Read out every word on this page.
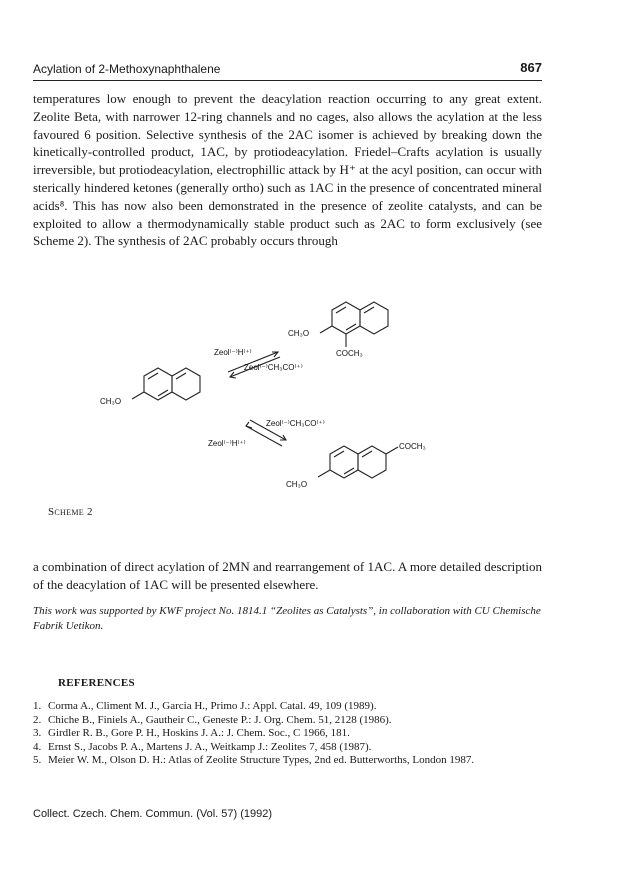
Acylation of 2-Methoxynaphthalene	867

temperatures low enough to prevent the deacylation reaction occurring to any great extent. Zeolite Beta, with narrower 12-ring channels and no cages, also allows the acylation at the less favoured 6 position. Selective synthesis of the 2AC isomer is achieved by breaking down the kinetically-controlled product, 1AC, by protiodeacylation. Friedel–Crafts acylation is usually irreversible, but protiodeacylation, electrophillic attack by H⁺ at the acyl position, can occur with sterically hindered ketones (generally ortho) such as 1AC in the presence of concentrated mineral acids⁸. This has now also been demonstrated in the presence of zeolite catalysts, and can be exploited to allow a thermodynamically stable product such as 2AC to form exclusively (see Scheme 2). The synthesis of 2AC probably occurs through

CH₃O
COCH₃
Zeol⁽⁻⁾H⁽⁺⁾
Zeol⁽⁻⁾CH₃CO⁽⁺⁾
CH₃O
Zeol⁽⁻⁾CH₃CO⁽⁺⁾
Zeol⁽⁻⁾H⁽⁺⁾	COCH₃
CH₃O
Scheme 2

a combination of direct acylation of 2MN and rearrangement of 1AC. A more detailed description of the deacylation of 1AC will be presented elsewhere.

This work was supported by KWF project No. 1814.1 “Zeolites as Catalysts”, in collaboration with CU Chemische Fabrik Uetikon.

REFERENCES
1. Corma A., Climent M. J., Garcia H., Primo J.: Appl. Catal. 49, 109 (1989).
2. Chiche B., Finiels A., Gautheir C., Geneste P.: J. Org. Chem. 51, 2128 (1986).
3. Girdler R. B., Gore P. H., Hoskins J. A.: J. Chem. Soc., C 1966, 181.
4. Ernst S., Jacobs P. A., Martens J. A., Weitkamp J.: Zeolites 7, 458 (1987).
5. Meier W. M., Olson D. H.: Atlas of Zeolite Structure Types, 2nd ed. Butterworths, London 1987.
Collect. Czech. Chem. Commun. (Vol. 57) (1992)
